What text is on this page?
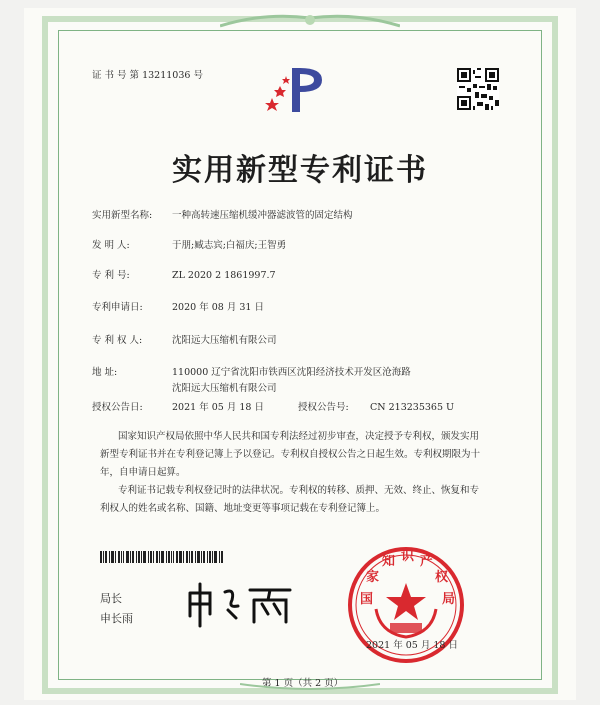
证 书 号 第 13211036 号
实用新型专利证书
实用新型名称: 一种高转速压缩机缓冲器滤波管的固定结构
发 明 人:	于朋;臧志宾;白福庆;王智勇
专 利 号:	ZL 2020 2 1861997.7
专利申请日:	2020 年 08 月 31 日
专 利 权 人:	沈阳远大压缩机有限公司
地 址:	110000 辽宁省沈阳市铁西区沈阳经济技术开发区沧海路
沈阳远大压缩机有限公司
授权公告日:	2021 年 05 月 18 日	授权公告号: CN 213235365 U
国家知识产权局依照中华人民共和国专利法经过初步审查，决定授予专利权，颁发实用
新型专利证书并在专利登记簿上予以登记。专利权自授权公告之日起生效。专利权期限为十
年，自申请日起算。
专利证书记载专利权登记时的法律状况。专利权的转移、质押、无效、终止、恢复和专
利权人的姓名或名称、国籍、地址变更等事项记载在专利登记簿上。
局长
申长雨
国
家
知 识 产
权
局
2021 年 05 月 18 日
第 1 页（共 2 页）
